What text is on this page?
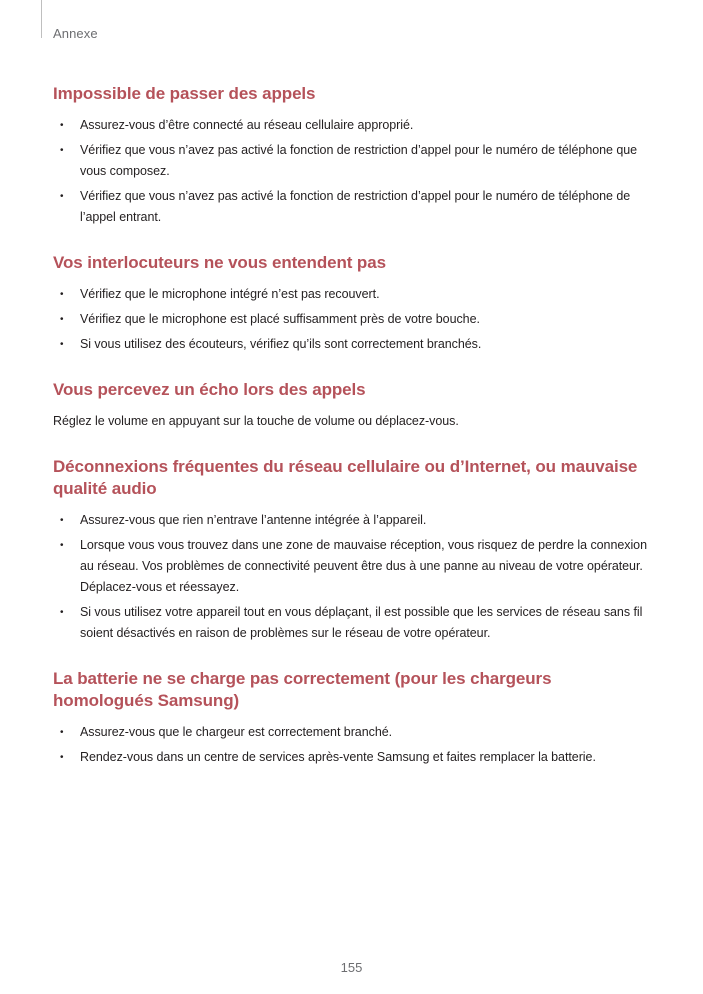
Annexe
Impossible de passer des appels
• Assurez-vous d’être connecté au réseau cellulaire approprié.
• Vérifiez que vous n’avez pas activé la fonction de restriction d’appel pour le numéro de téléphone que vous composez.
• Vérifiez que vous n’avez pas activé la fonction de restriction d’appel pour le numéro de téléphone de l’appel entrant.
Vos interlocuteurs ne vous entendent pas
• Vérifiez que le microphone intégré n’est pas recouvert.
• Vérifiez que le microphone est placé suffisamment près de votre bouche.
• Si vous utilisez des écouteurs, vérifiez qu’ils sont correctement branchés.
Vous percevez un écho lors des appels

Réglez le volume en appuyant sur la touche de volume ou déplacez-vous.

Déconnexions fréquentes du réseau cellulaire ou d’Internet, ou mauvaise qualité audio
• Assurez-vous que rien n’entrave l’antenne intégrée à l’appareil.
• Lorsque vous vous trouvez dans une zone de mauvaise réception, vous risquez de perdre la connexion au réseau. Vos problèmes de connectivité peuvent être dus à une panne au niveau de votre opérateur. Déplacez-vous et réessayez.
• Si vous utilisez votre appareil tout en vous déplaçant, il est possible que les services de réseau sans fil soient désactivés en raison de problèmes sur le réseau de votre opérateur.
La batterie ne se charge pas correctement (pour les chargeurs homologués Samsung)
• Assurez-vous que le chargeur est correctement branché.
• Rendez-vous dans un centre de services après-vente Samsung et faites remplacer la batterie.
155
